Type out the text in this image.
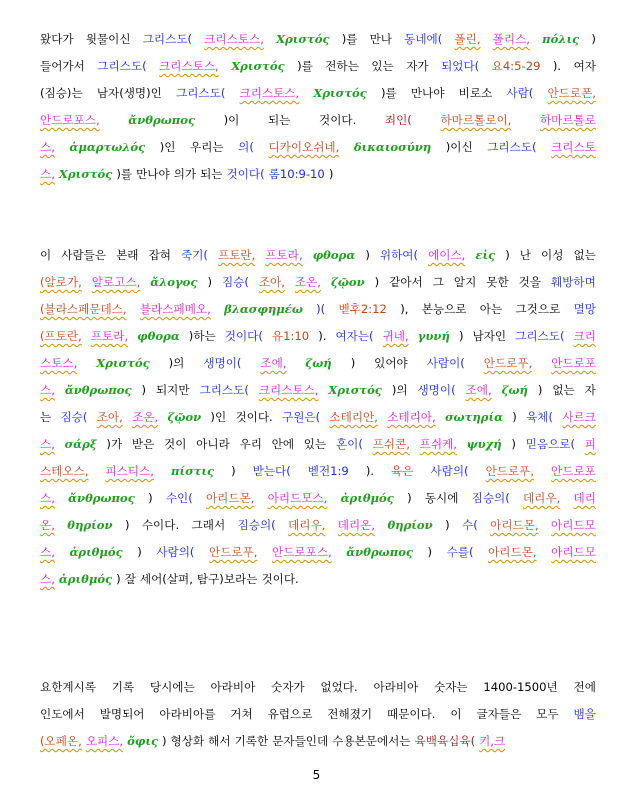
왔다가 윗물이신 그리스도( 크리스토스, Χριστός )를 만나 동네에( 폴린, 폴리스, πόλις )
들어가서 그리스도( 크리스토스, Χριστός )를 전하는 있는 자가 되었다( 요4:5-29 ). 여자
(짐승)는 남자(생명)인 그리스도( 크리스토스, Χριστός )를 만나야 비로소 사람( 안드로폰,
안드로포스, ἄνθρωπος )이 되는 것이다. 죄인( 하마르톨로이, 하마르톨로
스, ἁμαρτωλός )인 우리는 의( 디카이오쉬네, δικαιοσύνη )이신 그리스도( 크리스토
스, Χριστός )를 만나야 의가 되는 것이다( 롬10:9-10 )
이 사람들은 본래 잡혀 죽기( 프토란, 프토라, φθορα ) 위하여( 에이스, εἰς ) 난 이성 없는
(알로가, 알로고스, ἄλογος ) 짐승( 조아, 조온, ζῷον ) 같아서 그 알지 못한 것을 훼방하며
(블라스페문데스, 블라스페메오, βλασφημέω )( 벧후2:12 ), 본능으로 아는 그것으로 멸망
(프토란, 프토라, φθορα )하는 것이다( 유1:10 ). 여자는( 귀네, γυνή ) 남자인 그리스도( 크리
스토스, Χριστός )의 생명이( 조에, ζωή ) 있어야 사람이( 안드로푸, 안드로포
스, ἄνθρωπος ) 되지만 그리스도( 크리스토스, Χριστός )의 생명이( 조에, ζωή ) 없는 자
는 짐승( 조아, 조온, ζῷον )인 것이다. 구원은( 소테리안, 소테리아, σωτηρία ) 육체( 사르크
스, σάρξ )가 받은 것이 아니라 우리 안에 있는 혼이( 프쉬콘, 프쉬케, ψυχή ) 믿음으로( 피
스테오스, 피스티스, πίστις ) 받는다( 벧전1:9 ). 육은 사람의( 안드로푸, 안드로포
스, ἄνθρωπος ) 수인( 아리드몬, 아리드모스, ἀριθμός ) 동시에 짐승의( 데리우, 데리
온, θηρίον ) 수이다. 그래서 짐승의( 데리우, 데리온, θηρίον ) 수( 아리드몬, 아리드모
스, ἀριθμός ) 사람의( 안드로푸, 안드로포스, ἄνθρωπος ) 수를( 아리드몬, 아리드모
스, ἀριθμός ) 잘 세어(살펴, 탐구)보라는 것이다.
요한계시록 기록 당시에는 아라비아 숫자가 없었다. 아라비아 숫자는 1400-1500년 전에
인도에서 발명되어 아라비아를 거쳐 유럽으로 전해졌기 때문이다. 이 글자들은 모두 뱀을
(오페온, 오피스, ὄφις ) 형상화 해서 기록한 문자들인데 수용본문에서는 육백육십육( 키,크
5
